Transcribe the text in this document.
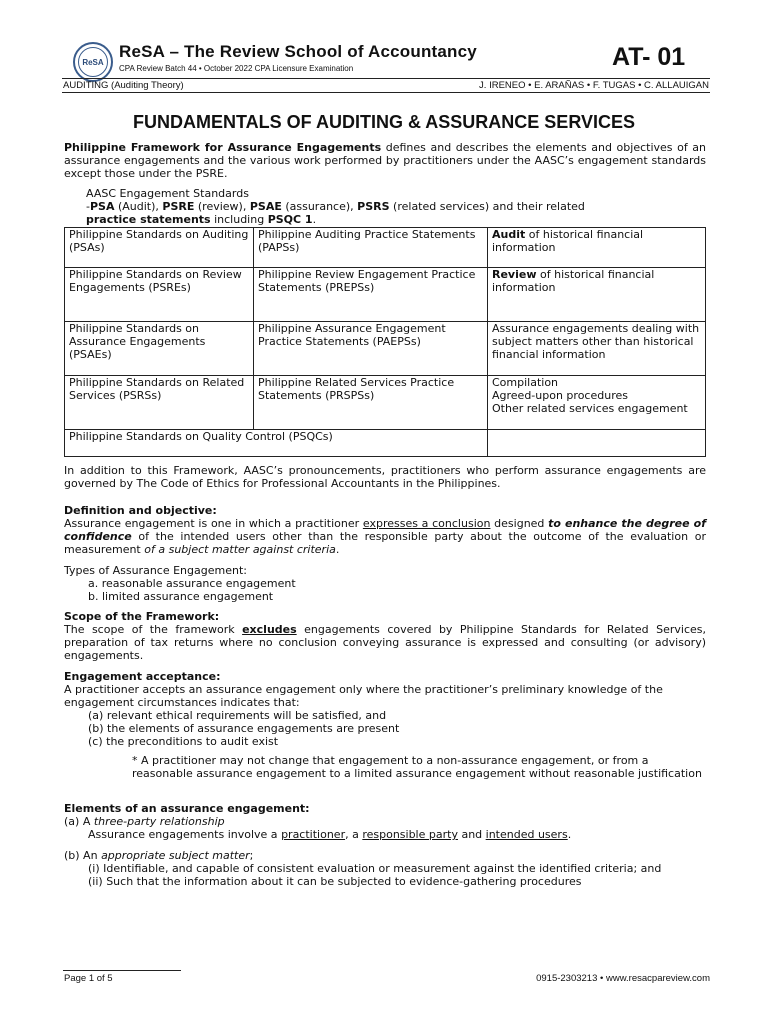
ReSA
ReSA – The Review School of Accountancy
CPA Review Batch 44 • October 2022 CPA Licensure Examination	AT- 01
AUDITING (Auditing Theory)	J. IRENEO • E. ARAÑAS • F. TUGAS • C. ALLAUIGAN
FUNDAMENTALS OF AUDITING & ASSURANCE SERVICES

Philippine Framework for Assurance Engagements defines and describes the elements and objectives of an assurance engagements and the various work performed by practitioners under the AASC’s engagement standards except those under the PSRE.

AASC Engagement Standards

-PSA (Audit), PSRE (review), PSAE (assurance), PSRS (related services) and their related

practice statements including PSQC 1.

Philippine Standards on Auditing (PSAs)	Philippine Auditing Practice Statements (PAPSs)	Audit of historical financial information
Philippine Standards on Review Engagements (PSREs)	Philippine Review Engagement Practice Statements (PREPSs)	Review of historical financial information
Philippine Standards on Assurance Engagements (PSAEs)	Philippine Assurance Engagement Practice Statements (PAEPSs)	Assurance engagements dealing with subject matters other than historical financial information
Philippine Standards on Related Services (PSRSs)	Philippine Related Services Practice Statements (PRSPSs)	Compilation
Agreed-upon procedures
Other related services engagement
Philippine Standards on Quality Control (PSQCs)		

In addition to this Framework, AASC’s pronouncements, practitioners who perform assurance engagements are governed by The Code of Ethics for Professional Accountants in the Philippines.

Definition and objective:

Assurance engagement is one in which a practitioner expresses a conclusion designed to enhance the degree of confidence of the intended users other than the responsible party about the outcome of the evaluation or measurement of a subject matter against criteria.

Types of Assurance Engagement:

a. reasonable assurance engagement

b. limited assurance engagement

Scope of the Framework:

The scope of the framework excludes engagements covered by Philippine Standards for Related Services, preparation of tax returns where no conclusion conveying assurance is expressed and consulting (or advisory) engagements.

Engagement acceptance:

A practitioner accepts an assurance engagement only where the practitioner’s preliminary knowledge of the engagement circumstances indicates that:

(a) relevant ethical requirements will be satisfied, and

(b) the elements of assurance engagements are present

(c) the preconditions to audit exist

* A practitioner may not change that engagement to a non-assurance engagement, or from a reasonable assurance engagement to a limited assurance engagement without reasonable justification

Elements of an assurance engagement:

(a) A three-party relationship

Assurance engagements involve a practitioner, a responsible party and intended users.

(b) An appropriate subject matter;

(i) Identifiable, and capable of consistent evaluation or measurement against the identified criteria; and

(ii) Such that the information about it can be subjected to evidence-gathering procedures

Page 1 of 5	0915-2303213 • www.resacpareview.com
